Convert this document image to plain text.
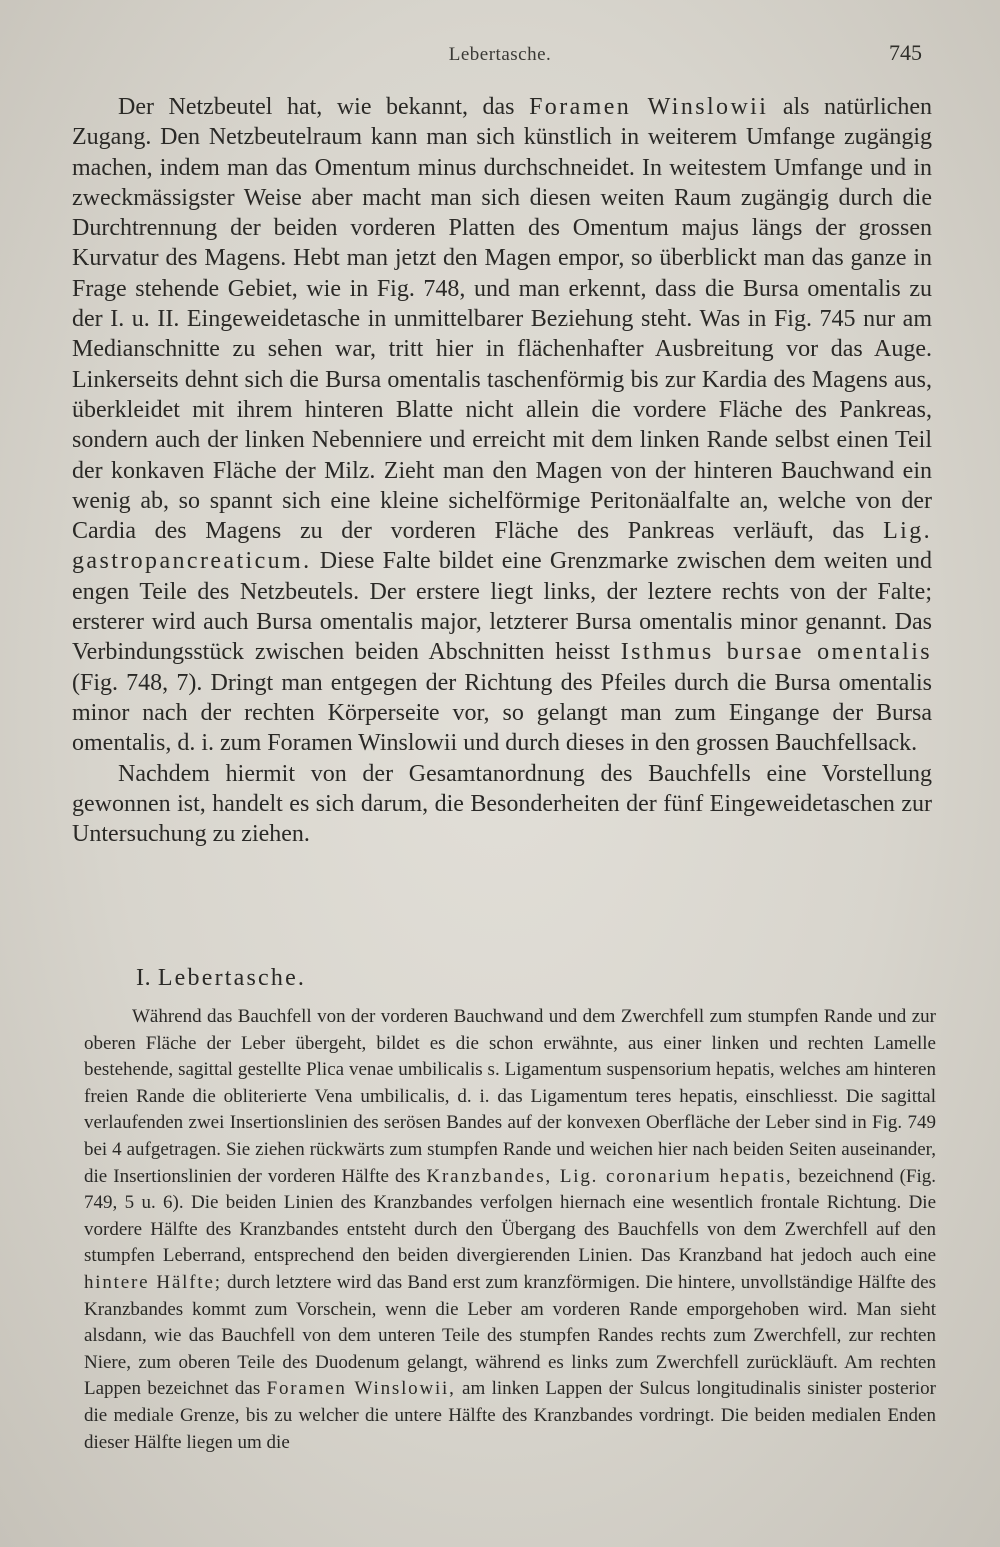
Lebertasche.	745

Der Netzbeutel hat, wie bekannt, das Foramen Winslowii als natürlichen Zugang. Den Netzbeutelraum kann man sich künstlich in weiterem Umfange zugängig machen, indem man das Omentum minus durchschneidet. In weitestem Umfange und in zweckmässigster Weise aber macht man sich diesen weiten Raum zugängig durch die Durchtrennung der beiden vorderen Platten des Omentum majus längs der grossen Kurvatur des Magens. Hebt man jetzt den Magen empor, so überblickt man das ganze in Frage stehende Gebiet, wie in Fig. 748, und man erkennt, dass die Bursa omentalis zu der I. u. II. Eingeweidetasche in unmittelbarer Beziehung steht. Was in Fig. 745 nur am Medianschnitte zu sehen war, tritt hier in flächenhafter Ausbreitung vor das Auge. Linkerseits dehnt sich die Bursa omentalis taschenförmig bis zur Kardia des Magens aus, überkleidet mit ihrem hinteren Blatte nicht allein die vordere Fläche des Pankreas, sondern auch der linken Nebenniere und erreicht mit dem linken Rande selbst einen Teil der konkaven Fläche der Milz. Zieht man den Magen von der hinteren Bauchwand ein wenig ab, so spannt sich eine kleine sichelförmige Peritonäalfalte an, welche von der Cardia des Magens zu der vorderen Fläche des Pankreas verläuft, das Lig. gastropancreaticum. Diese Falte bildet eine Grenzmarke zwischen dem weiten und engen Teile des Netzbeutels. Der erstere liegt links, der leztere rechts von der Falte; ersterer wird auch Bursa omentalis major, letzterer Bursa omentalis minor genannt. Das Verbindungsstück zwischen beiden Abschnitten heisst Isthmus bursae omentalis (Fig. 748, 7). Dringt man entgegen der Richtung des Pfeiles durch die Bursa omentalis minor nach der rechten Körperseite vor, so gelangt man zum Eingange der Bursa omentalis, d. i. zum Foramen Winslowii und durch dieses in den grossen Bauchfellsack.

Nachdem hiermit von der Gesamtanordnung des Bauchfells eine Vorstellung gewonnen ist, handelt es sich darum, die Besonderheiten der fünf Eingeweidetaschen zur Untersuchung zu ziehen.

I. Lebertasche.

Während das Bauchfell von der vorderen Bauchwand und dem Zwerchfell zum stumpfen Rande und zur oberen Fläche der Leber übergeht, bildet es die schon erwähnte, aus einer linken und rechten Lamelle bestehende, sagittal gestellte Plica venae umbilicalis s. Ligamentum suspensorium hepatis, welches am hinteren freien Rande die obliterierte Vena umbilicalis, d. i. das Ligamentum teres hepatis, einschliesst. Die sagittal verlaufenden zwei Insertionslinien des serösen Bandes auf der konvexen Oberfläche der Leber sind in Fig. 749 bei 4 aufgetragen. Sie ziehen rückwärts zum stumpfen Rande und weichen hier nach beiden Seiten auseinander, die Insertionslinien der vorderen Hälfte des Kranzbandes, Lig. coronarium hepatis, bezeichnend (Fig. 749, 5 u. 6). Die beiden Linien des Kranzbandes verfolgen hiernach eine wesentlich frontale Richtung. Die vordere Hälfte des Kranzbandes entsteht durch den Übergang des Bauchfells von dem Zwerchfell auf den stumpfen Leberrand, entsprechend den beiden divergierenden Linien. Das Kranzband hat jedoch auch eine hintere Hälfte; durch letztere wird das Band erst zum kranzförmigen. Die hintere, unvollständige Hälfte des Kranzbandes kommt zum Vorschein, wenn die Leber am vorderen Rande emporgehoben wird. Man sieht alsdann, wie das Bauchfell von dem unteren Teile des stumpfen Randes rechts zum Zwerchfell, zur rechten Niere, zum oberen Teile des Duodenum gelangt, während es links zum Zwerchfell zurückläuft. Am rechten Lappen bezeichnet das Foramen Winslowii, am linken Lappen der Sulcus longitudinalis sinister posterior die mediale Grenze, bis zu welcher die untere Hälfte des Kranzbandes vordringt. Die beiden medialen Enden dieser Hälfte liegen um die
